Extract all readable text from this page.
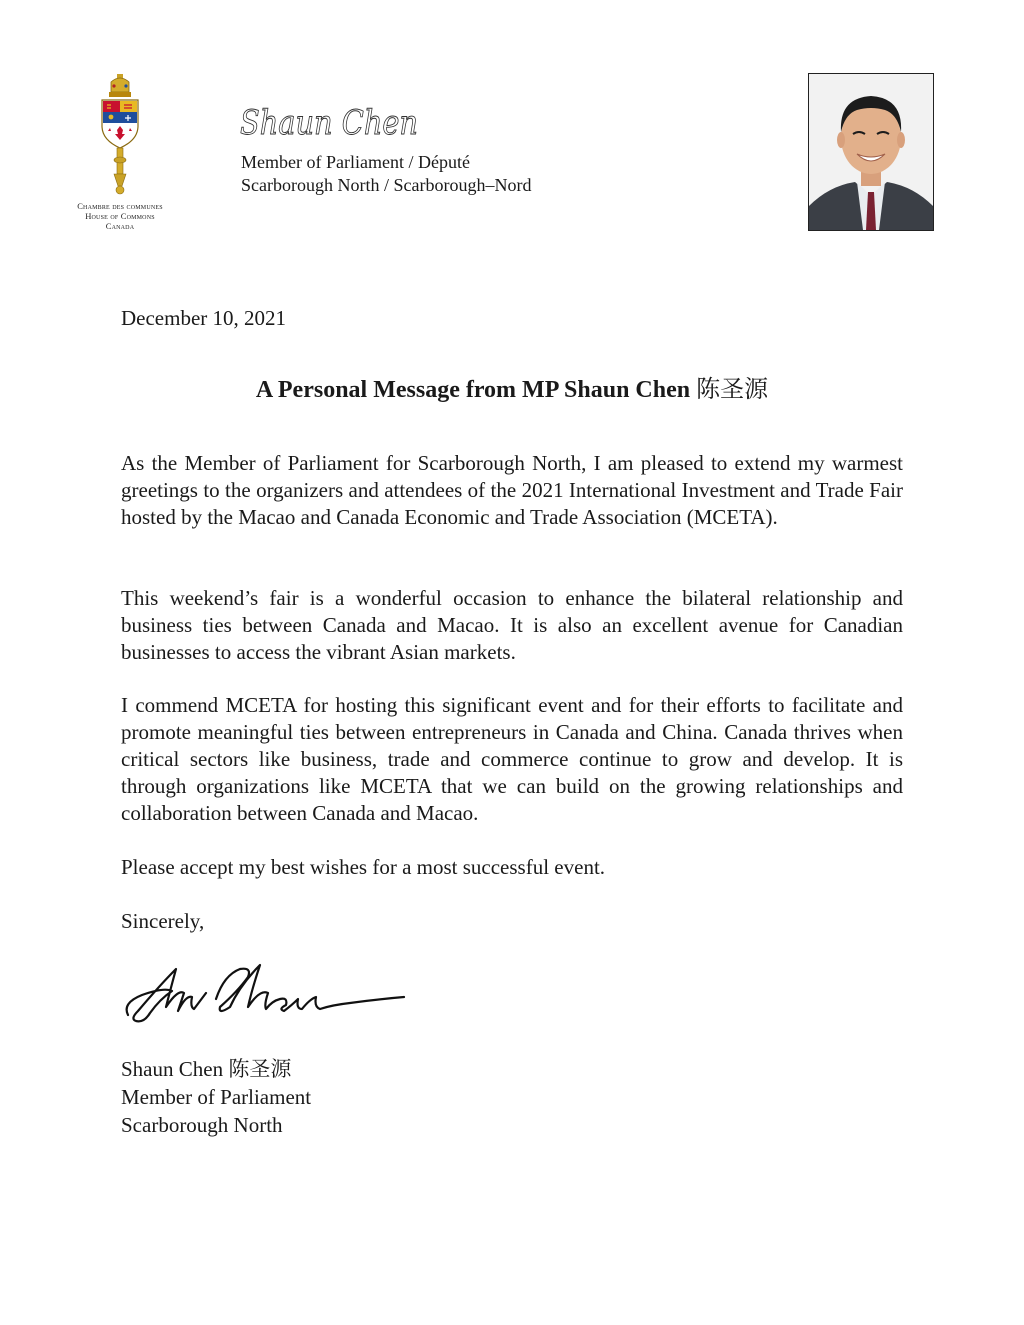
Chambre des communes
House of Commons
Canada
Shaun Chen
Member of Parliament / Député
Scarborough North / Scarborough–Nord
December 10, 2021
A Personal Message from MP Shaun Chen 陈圣源

As the Member of Parliament for Scarborough North, I am pleased to extend my warmest greetings to the organizers and attendees of the 2021 International Investment and Trade Fair hosted by the Macao and Canada Economic and Trade Association (MCETA).

This weekend’s fair is a wonderful occasion to enhance the bilateral relationship and business ties between Canada and Macao. It is also an excellent avenue for Canadian businesses to access the vibrant Asian markets.

I commend MCETA for hosting this significant event and for their efforts to facilitate and promote meaningful ties between entrepreneurs in Canada and China. Canada thrives when critical sectors like business, trade and commerce continue to grow and develop. It is through organizations like MCETA that we can build on the growing relationships and collaboration between Canada and Macao.

Please accept my best wishes for a most successful event.

Sincerely,
Shaun Chen 陈圣源
Member of Parliament
Scarborough North
